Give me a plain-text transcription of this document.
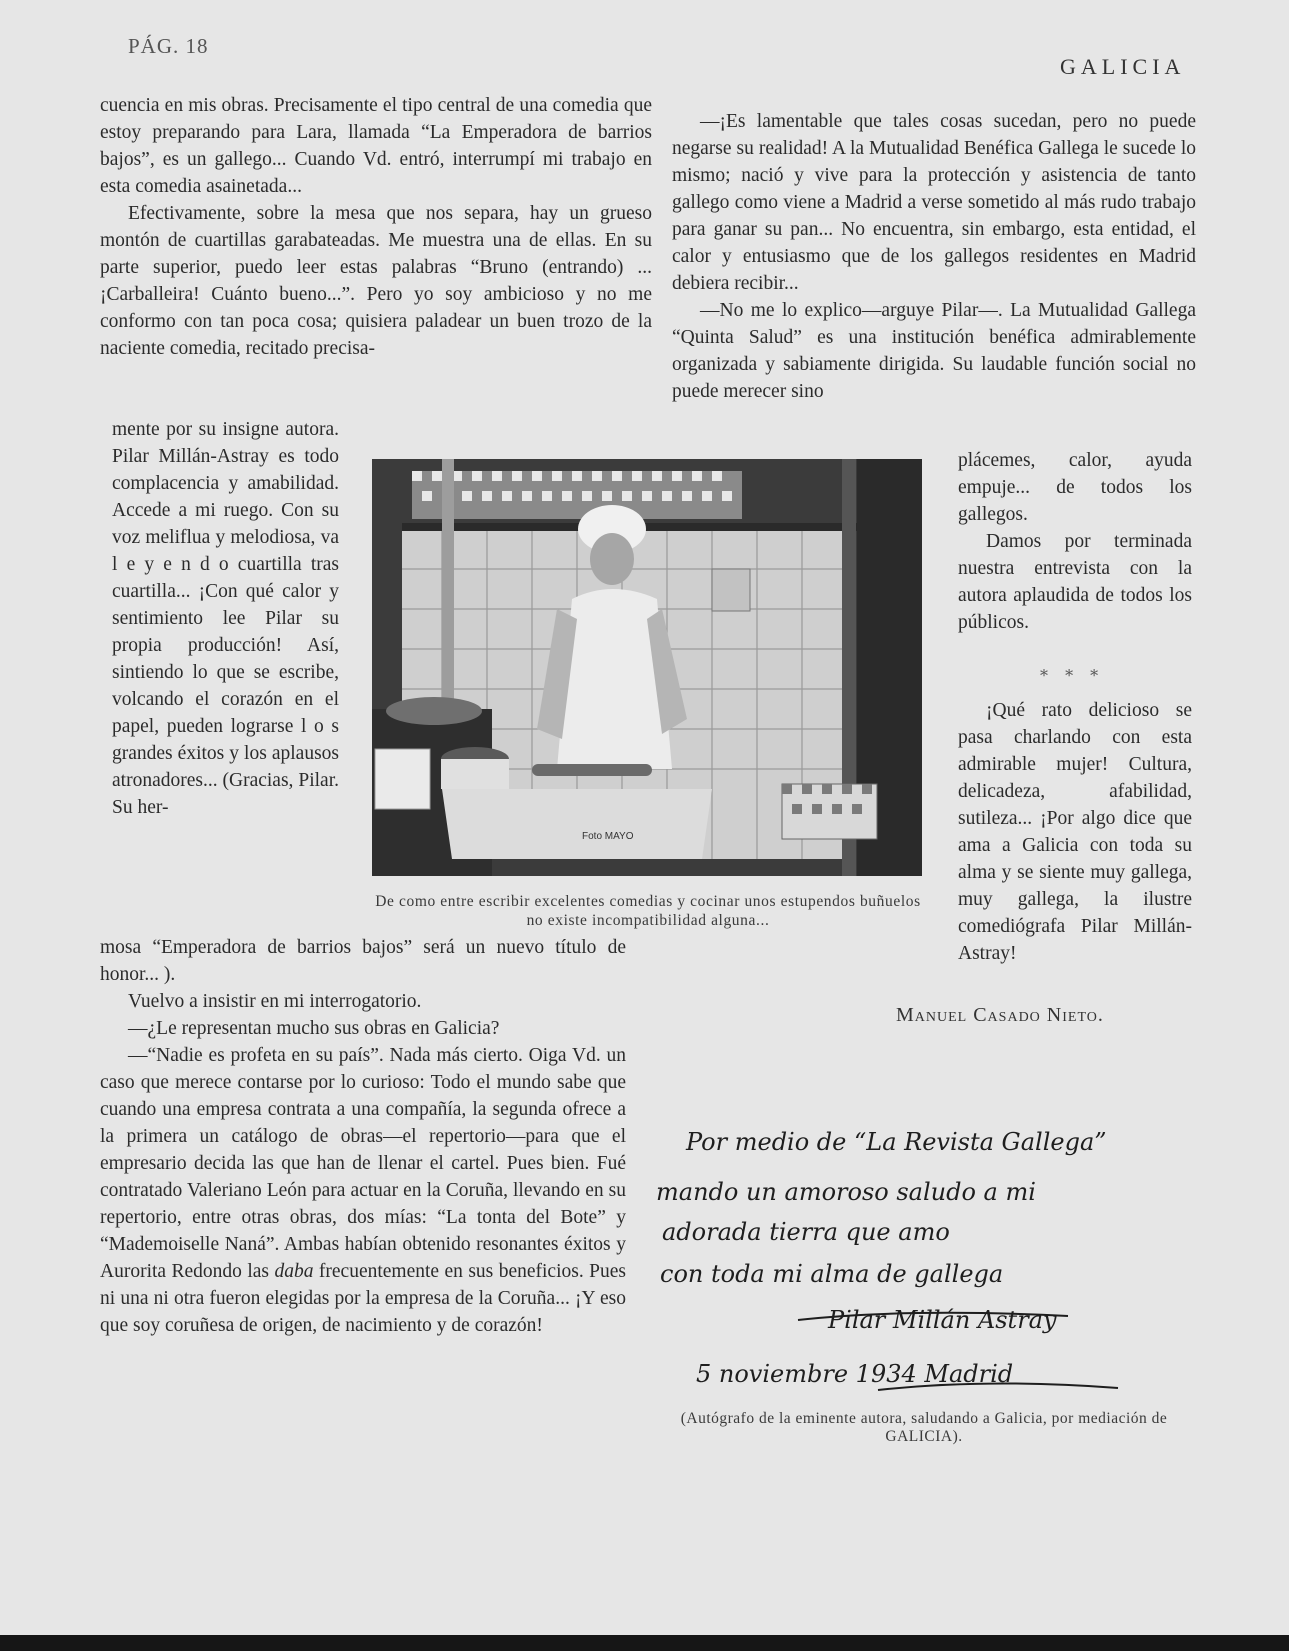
PÁG. 18
GALICIA

cuencia en mis obras. Precisamente el tipo central de una comedia que estoy preparando para Lara, llamada “La Emperadora de barrios bajos”, es un gallego... Cuando Vd. entró, interrumpí mi trabajo en esta comedia asainetada...

Efectivamente, sobre la mesa que nos separa, hay un grueso montón de cuartillas garabateadas. Me muestra una de ellas. En su parte superior, puedo leer estas palabras “Bruno (entrando) ... ¡Carballeira! Cuánto bueno...”. Pero yo soy ambicioso y no me conformo con tan poca cosa; quisiera paladear un buen trozo de la naciente comedia, recitado precisa-

mente por su insigne autora. Pilar Millán-Astray es todo complacencia y amabilidad. Accede a mi ruego. Con su voz meliflua y melodiosa, va l e y e n d o cuartilla tras cuartilla... ¡Con qué calor y sentimiento lee Pilar su propia producción! Así, sintiendo lo que se escribe, volcando el corazón en el papel, pueden lograrse l o s grandes éxitos y los aplausos atronadores... (Gracias, Pilar. Su her-

mosa “Emperadora de barrios bajos” será un nuevo título de honor... ).

Vuelvo a insistir en mi interrogatorio.

—¿Le representan mucho sus obras en Galicia?

—“Nadie es profeta en su país”. Nada más cierto. Oiga Vd. un caso que merece contarse por lo curioso: Todo el mundo sabe que cuando una empresa contrata a una compañía, la segunda ofrece a la primera un catálogo de obras—el repertorio—para que el empresario decida las que han de llenar el cartel. Pues bien. Fué contratado Valeriano León para actuar en la Coruña, llevando en su repertorio, entre otras obras, dos mías: “La tonta del Bote” y “Mademoiselle Naná”. Ambas habían obtenido resonantes éxitos y Aurorita Redondo las daba frecuentemente en sus beneficios. Pues ni una ni otra fueron elegidas por la empresa de la Coruña... ¡Y eso que soy coruñesa de origen, de nacimiento y de corazón!

—¡Es lamentable que tales cosas sucedan, pero no puede negarse su realidad! A la Mutualidad Benéfica Gallega le sucede lo mismo; nació y vive para la protección y asistencia de tanto gallego como viene a Madrid a verse sometido al más rudo trabajo para ganar su pan... No encuentra, sin embargo, esta entidad, el calor y entusiasmo que de los gallegos residentes en Madrid debiera recibir...

—No me lo explico—arguye Pilar—. La Mutualidad Gallega “Quinta Salud” es una institución benéfica admirablemente organizada y sabiamente dirigida. Su laudable función social no puede merecer sino

plácemes, calor, ayuda empuje... de todos los gallegos.

Damos por terminada nuestra entrevista con la autora aplaudida de todos los públicos.

* * *

¡Qué rato delicioso se pasa charlando con esta admirable mujer! Cultura, delicadeza, afabilidad, sutileza... ¡Por algo dice que ama a Galicia con toda su alma y se siente muy gallega, muy gallega, la ilustre comediógrafa Pilar Millán-Astray!

Manuel Casado Nieto.
Foto MAYO
De como entre escribir excelentes comedias y cocinar unos estupendos buñuelos no existe incompatibilidad alguna...
Por medio de “La Revista Gallega”
mando un amoroso saludo a mi
adorada tierra que amo
con toda mi alma de gallega
Pilar Millán Astray
5 noviembre 1934 Madrid
(Autógrafo de la eminente autora, saludando a Galicia, por mediación de GALICIA).
